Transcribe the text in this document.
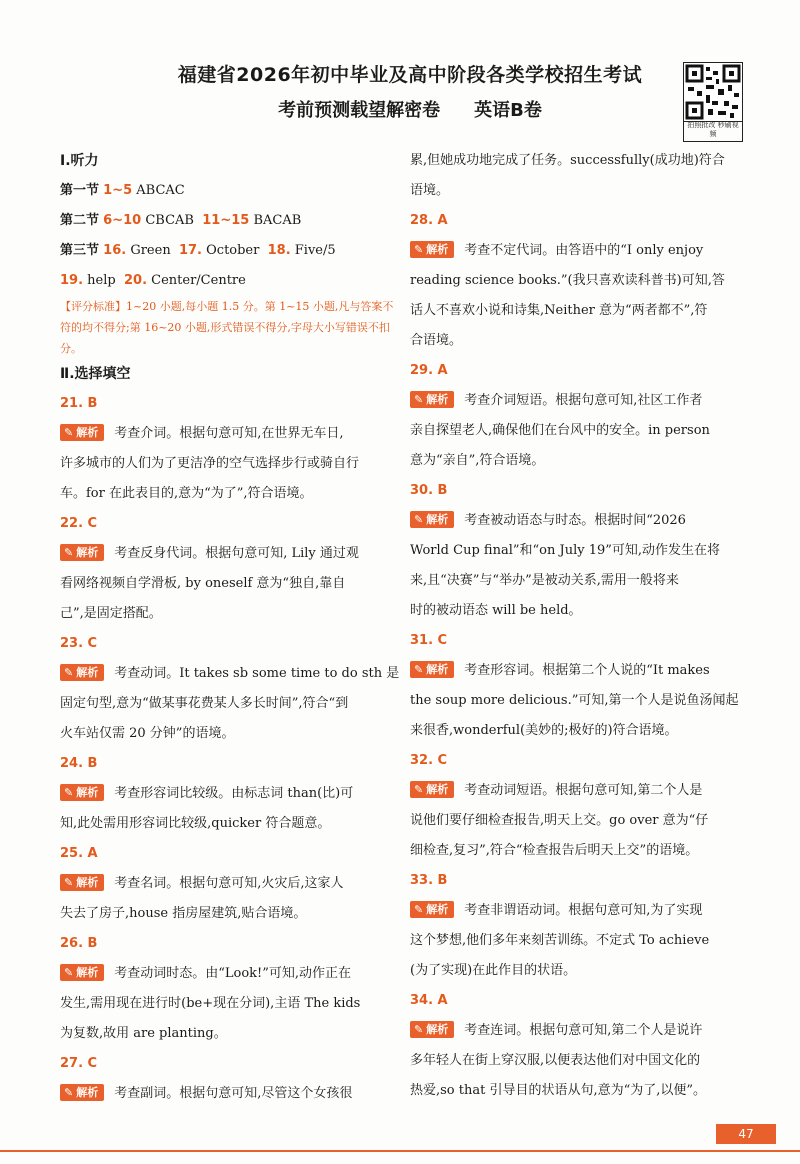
福建省2026年初中毕业及高中阶段各类学校招生考试
考前预测载望解密卷 英语B卷
拍照批改 秒刷视频
Ⅰ.听力
第一节 1~5 ABCAC
第二节 6~10 CBCAB 11~15 BACAB
第三节 16. Green 17. October 18. Five/5
19. help 20. Center/Centre
【评分标准】1~20 小题,每小题 1.5 分。第 1~15 小题,凡与答案不符的均不得分;第 16~20 小题,形式错误不得分,字母大小写错误不扣分。
Ⅱ.选择填空
21. B
✎ 解析 考查介词。根据句意可知,在世界无车日,
许多城市的人们为了更洁净的空气选择步行或骑自行
车。for 在此表目的,意为“为了”,符合语境。
22. C
✎ 解析 考查反身代词。根据句意可知, Lily 通过观
看网络视频自学滑板, by oneself 意为“独自,靠自
己”,是固定搭配。
23. C
✎ 解析 考查动词。It takes sb some time to do sth 是
固定句型,意为“做某事花费某人多长时间”,符合“到
火车站仅需 20 分钟”的语境。
24. B
✎ 解析 考查形容词比较级。由标志词 than(比)可
知,此处需用形容词比较级,quicker 符合题意。
25. A
✎ 解析 考查名词。根据句意可知,火灾后,这家人
失去了房子,house 指房屋建筑,贴合语境。
26. B
✎ 解析 考查动词时态。由“Look!”可知,动作正在
发生,需用现在进行时(be+现在分词),主语 The kids
为复数,故用 are planting。
27. C
✎ 解析 考查副词。根据句意可知,尽管这个女孩很
累,但她成功地完成了任务。successfully(成功地)符合
语境。
28. A
✎ 解析 考查不定代词。由答语中的“I only enjoy
reading science books.”(我只喜欢读科普书)可知,答
话人不喜欢小说和诗集,Neither 意为“两者都不”,符
合语境。
29. A
✎ 解析 考查介词短语。根据句意可知,社区工作者
亲自探望老人,确保他们在台风中的安全。in person
意为“亲自”,符合语境。
30. B
✎ 解析 考查被动语态与时态。根据时间“2026
World Cup final”和“on July 19”可知,动作发生在将
来,且“决赛”与“举办”是被动关系,需用一般将来
时的被动语态 will be held。
31. C
✎ 解析 考查形容词。根据第二个人说的“It makes
the soup more delicious.”可知,第一个人是说鱼汤闻起
来很香,wonderful(美妙的;极好的)符合语境。
32. C
✎ 解析 考查动词短语。根据句意可知,第二个人是
说他们要仔细检查报告,明天上交。go over 意为“仔
细检查,复习”,符合“检查报告后明天上交”的语境。
33. B
✎ 解析 考查非谓语动词。根据句意可知,为了实现
这个梦想,他们多年来刻苦训练。不定式 To achieve
(为了实现)在此作目的状语。
34. A
✎ 解析 考查连词。根据句意可知,第二个人是说许
多年轻人在街上穿汉服,以便表达他们对中国文化的
热爱,so that 引导目的状语从句,意为“为了,以便”。
47
